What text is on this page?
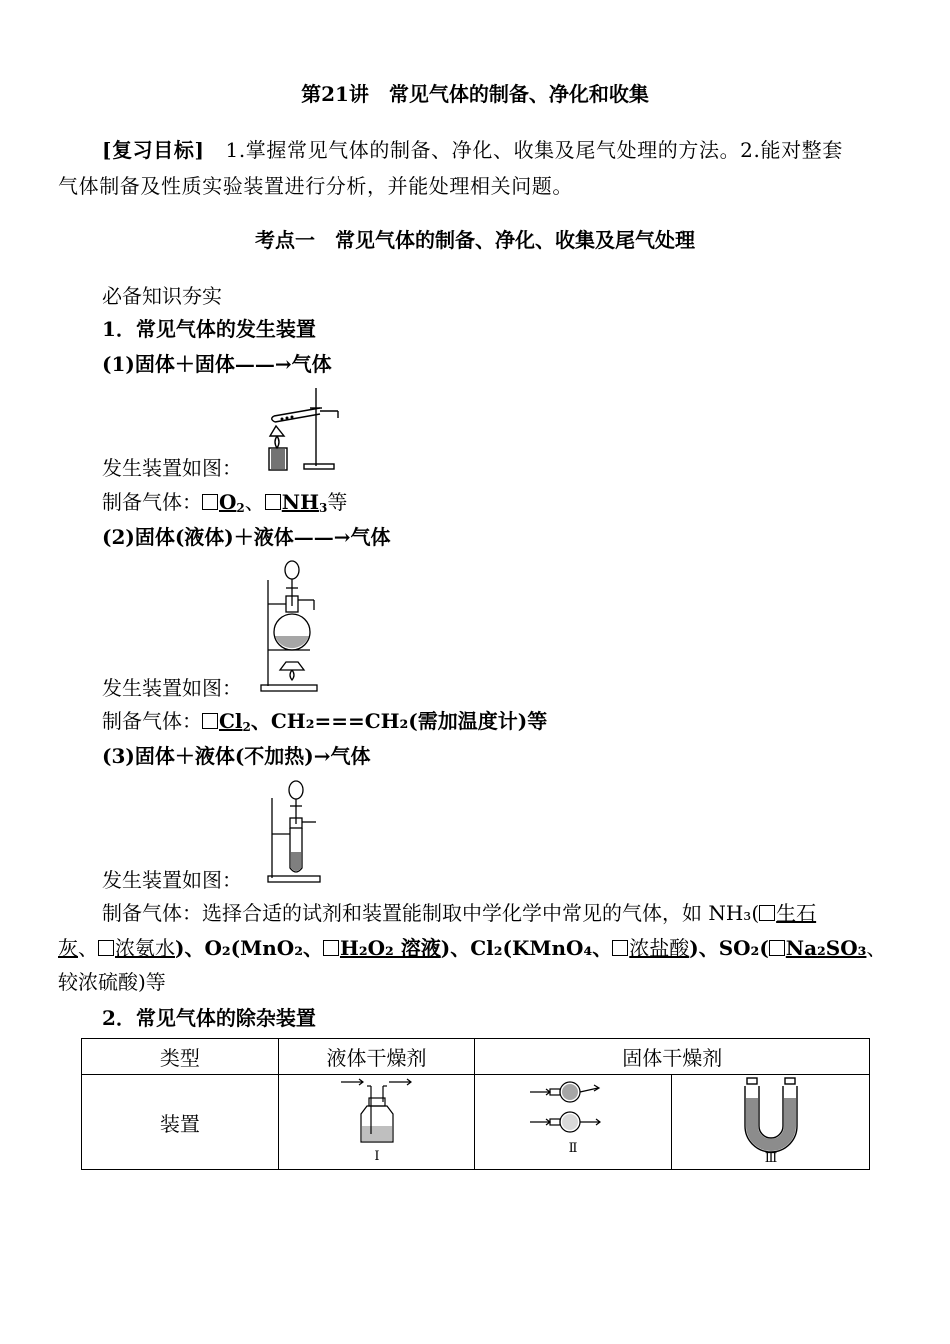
第21讲　常见气体的制备、净化和收集
[复习目标] 1.掌握常见气体的制备、净化、收集及尾气处理的方法。2.能对整套
气体制备及性质实验装置进行分析，并能处理相关问题。
考点一　常见气体的制备、净化、收集及尾气处理
必备知识夯实
1．常见气体的发生装置
(1)固体＋固体——→气体
发生装置如图：
制备气体： $O_2$、 $NH_3$等
(2)固体(液体)＋液体——→气体
发生装置如图：
制备气体： $Cl_2$、CH₂===CH₂(需加温度计)等
(3)固体＋液体(不加热)→气体
发生装置如图：
制备气体：选择合适的试剂和装置能制取中学化学中常见的气体，如 NH₃( 生石
灰、 浓氨水)、O₂(MnO₂、 H₂O₂ 溶液)、Cl₂(KMnO₄、 浓盐酸)、SO₂( Na₂SO₃、
较浓硫酸)等
2．常见气体的除杂装置
类型	液体干燥剂	固体干燥剂	
装置	Ⅰ	Ⅱ	Ⅲ
